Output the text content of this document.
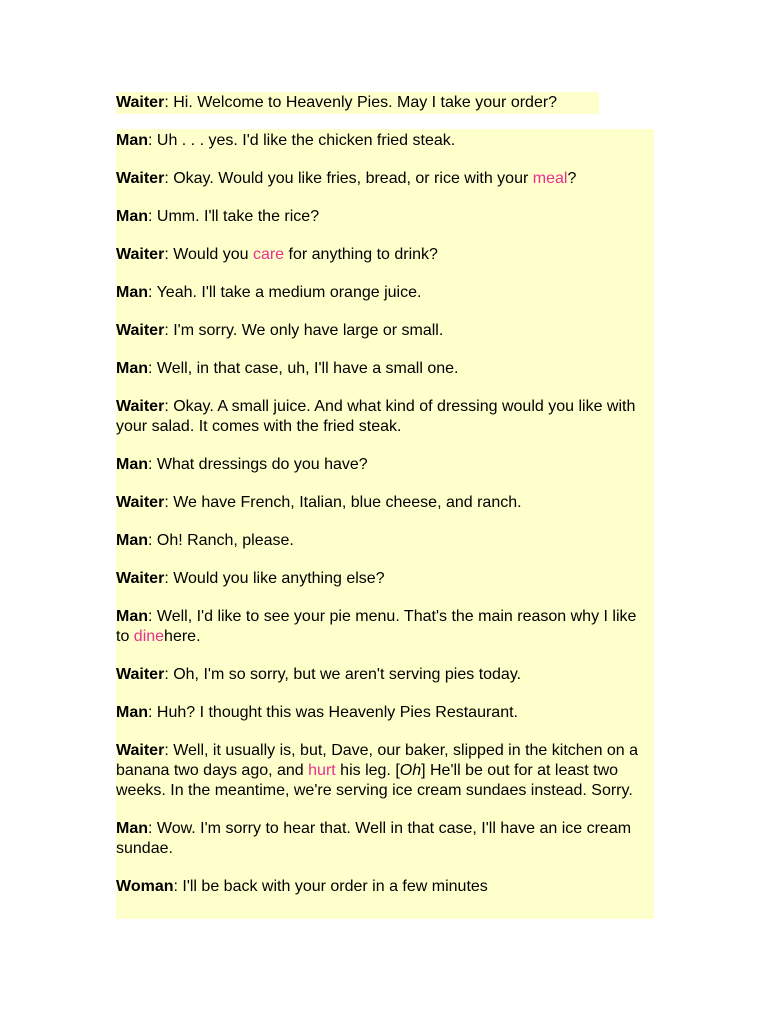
Waiter: Hi. Welcome to Heavenly Pies. May I take your order?

Man: Uh . . . yes. I'd like the chicken fried steak.

Waiter: Okay. Would you like fries, bread, or rice with your meal?

Man: Umm. I'll take the rice?

Waiter: Would you care for anything to drink?

Man: Yeah. I'll take a medium orange juice.

Waiter: I'm sorry. We only have large or small.

Man: Well, in that case, uh, I'll have a small one.

Waiter: Okay. A small juice. And what kind of dressing would you like with your salad. It comes with the fried steak.

Man: What dressings do you have?

Waiter: We have French, Italian, blue cheese, and ranch.

Man: Oh! Ranch, please.

Waiter: Would you like anything else?

Man: Well, I'd like to see your pie menu. That's the main reason why I like to dinehere.

Waiter: Oh, I'm so sorry, but we aren't serving pies today.

Man: Huh? I thought this was Heavenly Pies Restaurant.

Waiter: Well, it usually is, but, Dave, our baker, slipped in the kitchen on a banana two days ago, and hurt his leg. [Oh] He'll be out for at least two weeks. In the meantime, we're serving ice cream sundaes instead. Sorry.

Man: Wow. I'm sorry to hear that. Well in that case, I'll have an ice cream sundae.

Woman: I'll be back with your order in a few minutes
